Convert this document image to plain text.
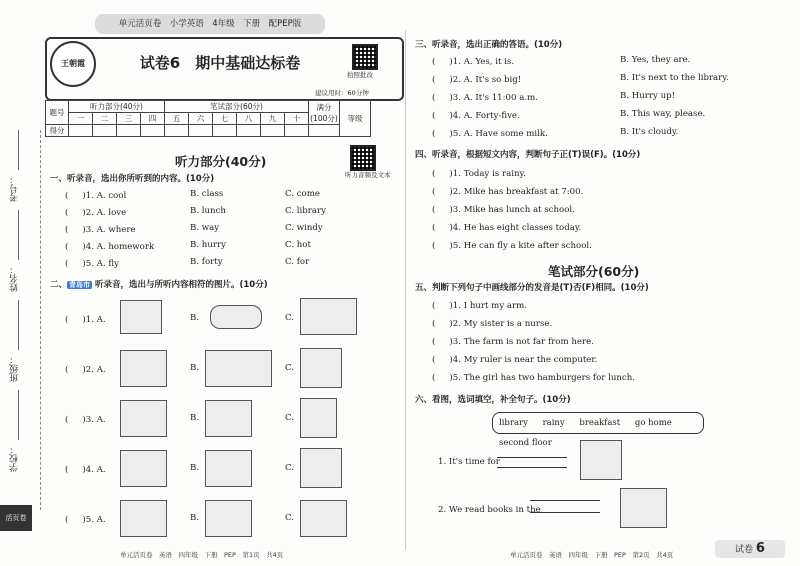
考号：
姓名：
班级：
学校：
活页卷
单元活页卷　小学英语　4年级　下册　配PEP版
王朝霞	试卷6　期中基础达标卷
拍照批改
建议用时：60分钟
题号	听力部分(40分)				笔试部分(60分)						满分(100分)	等级
	一	二	三	四	五	六	七	八	九	十		
得分												
听力部分(40分)
听力音频及文本
一、听录音，选出你所听到的内容。(10分)
( 　 )1. A. cool	B. class	C. come
( 　 )2. A. love	B. lunch	C. library
( 　 )3. A. where	B. way	C. windy
( 　 )4. A. homework	B. hurry	C. hot
( 　 )5. A. fly	B. forty	C. for
二、 青岛市 听录音，选出与所听内容相符的图片。(10分)
( 　 )1. A.	B.	C.
( 　 )2. A.	B.	C.
( 　 )3. A.	B.	C.
( 　 )4. A.	B.	C.
( 　 )5. A.	B.	C.
三、听录音，选出正确的答语。(10分)
( 　 )1. A. Yes, it is.	B. Yes, they are.
( 　 )2. A. It's so big!	B. It's next to the library.
( 　 )3. A. It's 11:00 a.m.	B. Hurry up!
( 　 )4. A. Forty-five.	B. This way, please.
( 　 )5. A. Have some milk.	B. It's cloudy.
四、听录音，根据短文内容，判断句子正(T)误(F)。(10分)
( 　 )1. Today is rainy.
( 　 )2. Mike has breakfast at 7:00.
( 　 )3. Mike has lunch at school.
( 　 )4. He has eight classes today.
( 　 )5. He can fly a kite after school.
笔试部分(60分)
五、判断下列句子中画线部分的发音是(T)否(F)相同。(10分)
( 　 )1. I hurt my arm.
( 　 )2. My sister is a nurse.
( 　 )3. The farm is not far from here.
( 　 )4. My ruler is near the computer.
( 　 )5. The girl has two hamburgers for lunch.
六、看图，选词填空，补全句子。(10分)
library rainy breakfast go home second floor
1. It's time for
2. We read books in the
单元活页卷　英语　四年级　下册　PEP　第1页　共4页	单元活页卷　英语　四年级　下册　PEP　第2页　共4页	试卷 6
